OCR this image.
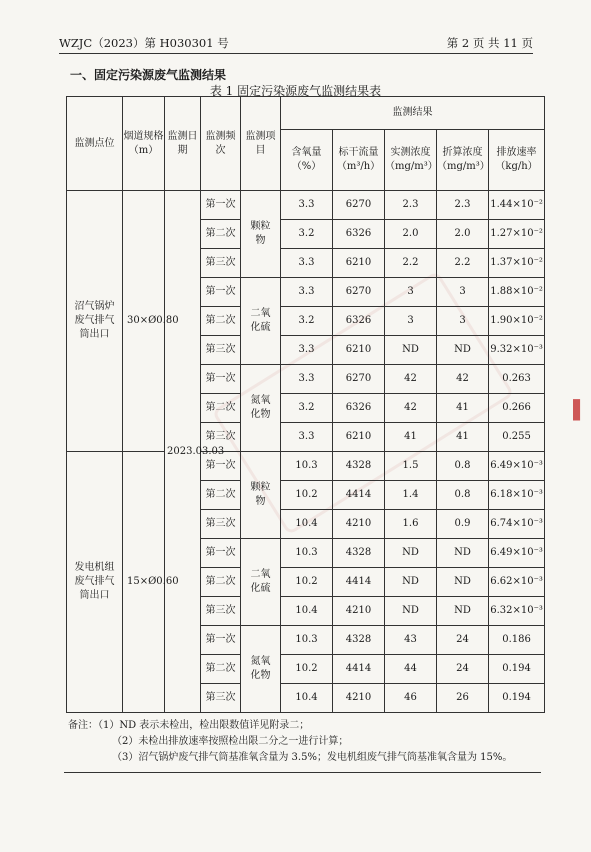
WZJC（2023）第 H030301 号	第 2 页 共 11 页
一、固定污染源废气监测结果
表 1 固定污染源废气监测结果表
▌
监测点位	烟道规格（m）	监测日期	监测频次	监测项目	监测结果				
					含氧量（%）	标干流量（m³/h）	实测浓度（mg/m³）	折算浓度（mg/m³）	排放速率（kg/h）
沼气锅炉废气排气筒出口	30×Ø0.80	2023.03.03	第一次	颗粒物	3.3	6270	2.3	2.3	1.44×10⁻²
			第二次		3.2	6326	2.0	2.0	1.27×10⁻²
			第三次		3.3	6210	2.2	2.2	1.37×10⁻²
			第一次	二氧化硫	3.3	6270	3	3	1.88×10⁻²
			第二次		3.2	6326	3	3	1.90×10⁻²
			第三次		3.3	6210	ND	ND	9.32×10⁻³
			第一次	氮氧化物	3.3	6270	42	42	0.263
			第二次		3.2	6326	42	41	0.266
			第三次		3.3	6210	41	41	0.255
发电机组废气排气筒出口	15×Ø0.60		第一次	颗粒物	10.3	4328	1.5	0.8	6.49×10⁻³
			第二次		10.2	4414	1.4	0.8	6.18×10⁻³
			第三次		10.4	4210	1.6	0.9	6.74×10⁻³
			第一次	二氧化硫	10.3	4328	ND	ND	6.49×10⁻³
			第二次		10.2	4414	ND	ND	6.62×10⁻³
			第三次		10.4	4210	ND	ND	6.32×10⁻³
			第一次	氮氧化物	10.3	4328	43	24	0.186
			第二次		10.2	4414	44	24	0.194
			第三次		10.4	4210	46	26	0.194
备注：（1）ND 表示未检出，检出限数值详见附录二；
（2）未检出排放速率按照检出限二分之一进行计算；
（3）沼气锅炉废气排气筒基准氧含量为 3.5%；发电机组废气排气筒基准氧含量为 15%。
